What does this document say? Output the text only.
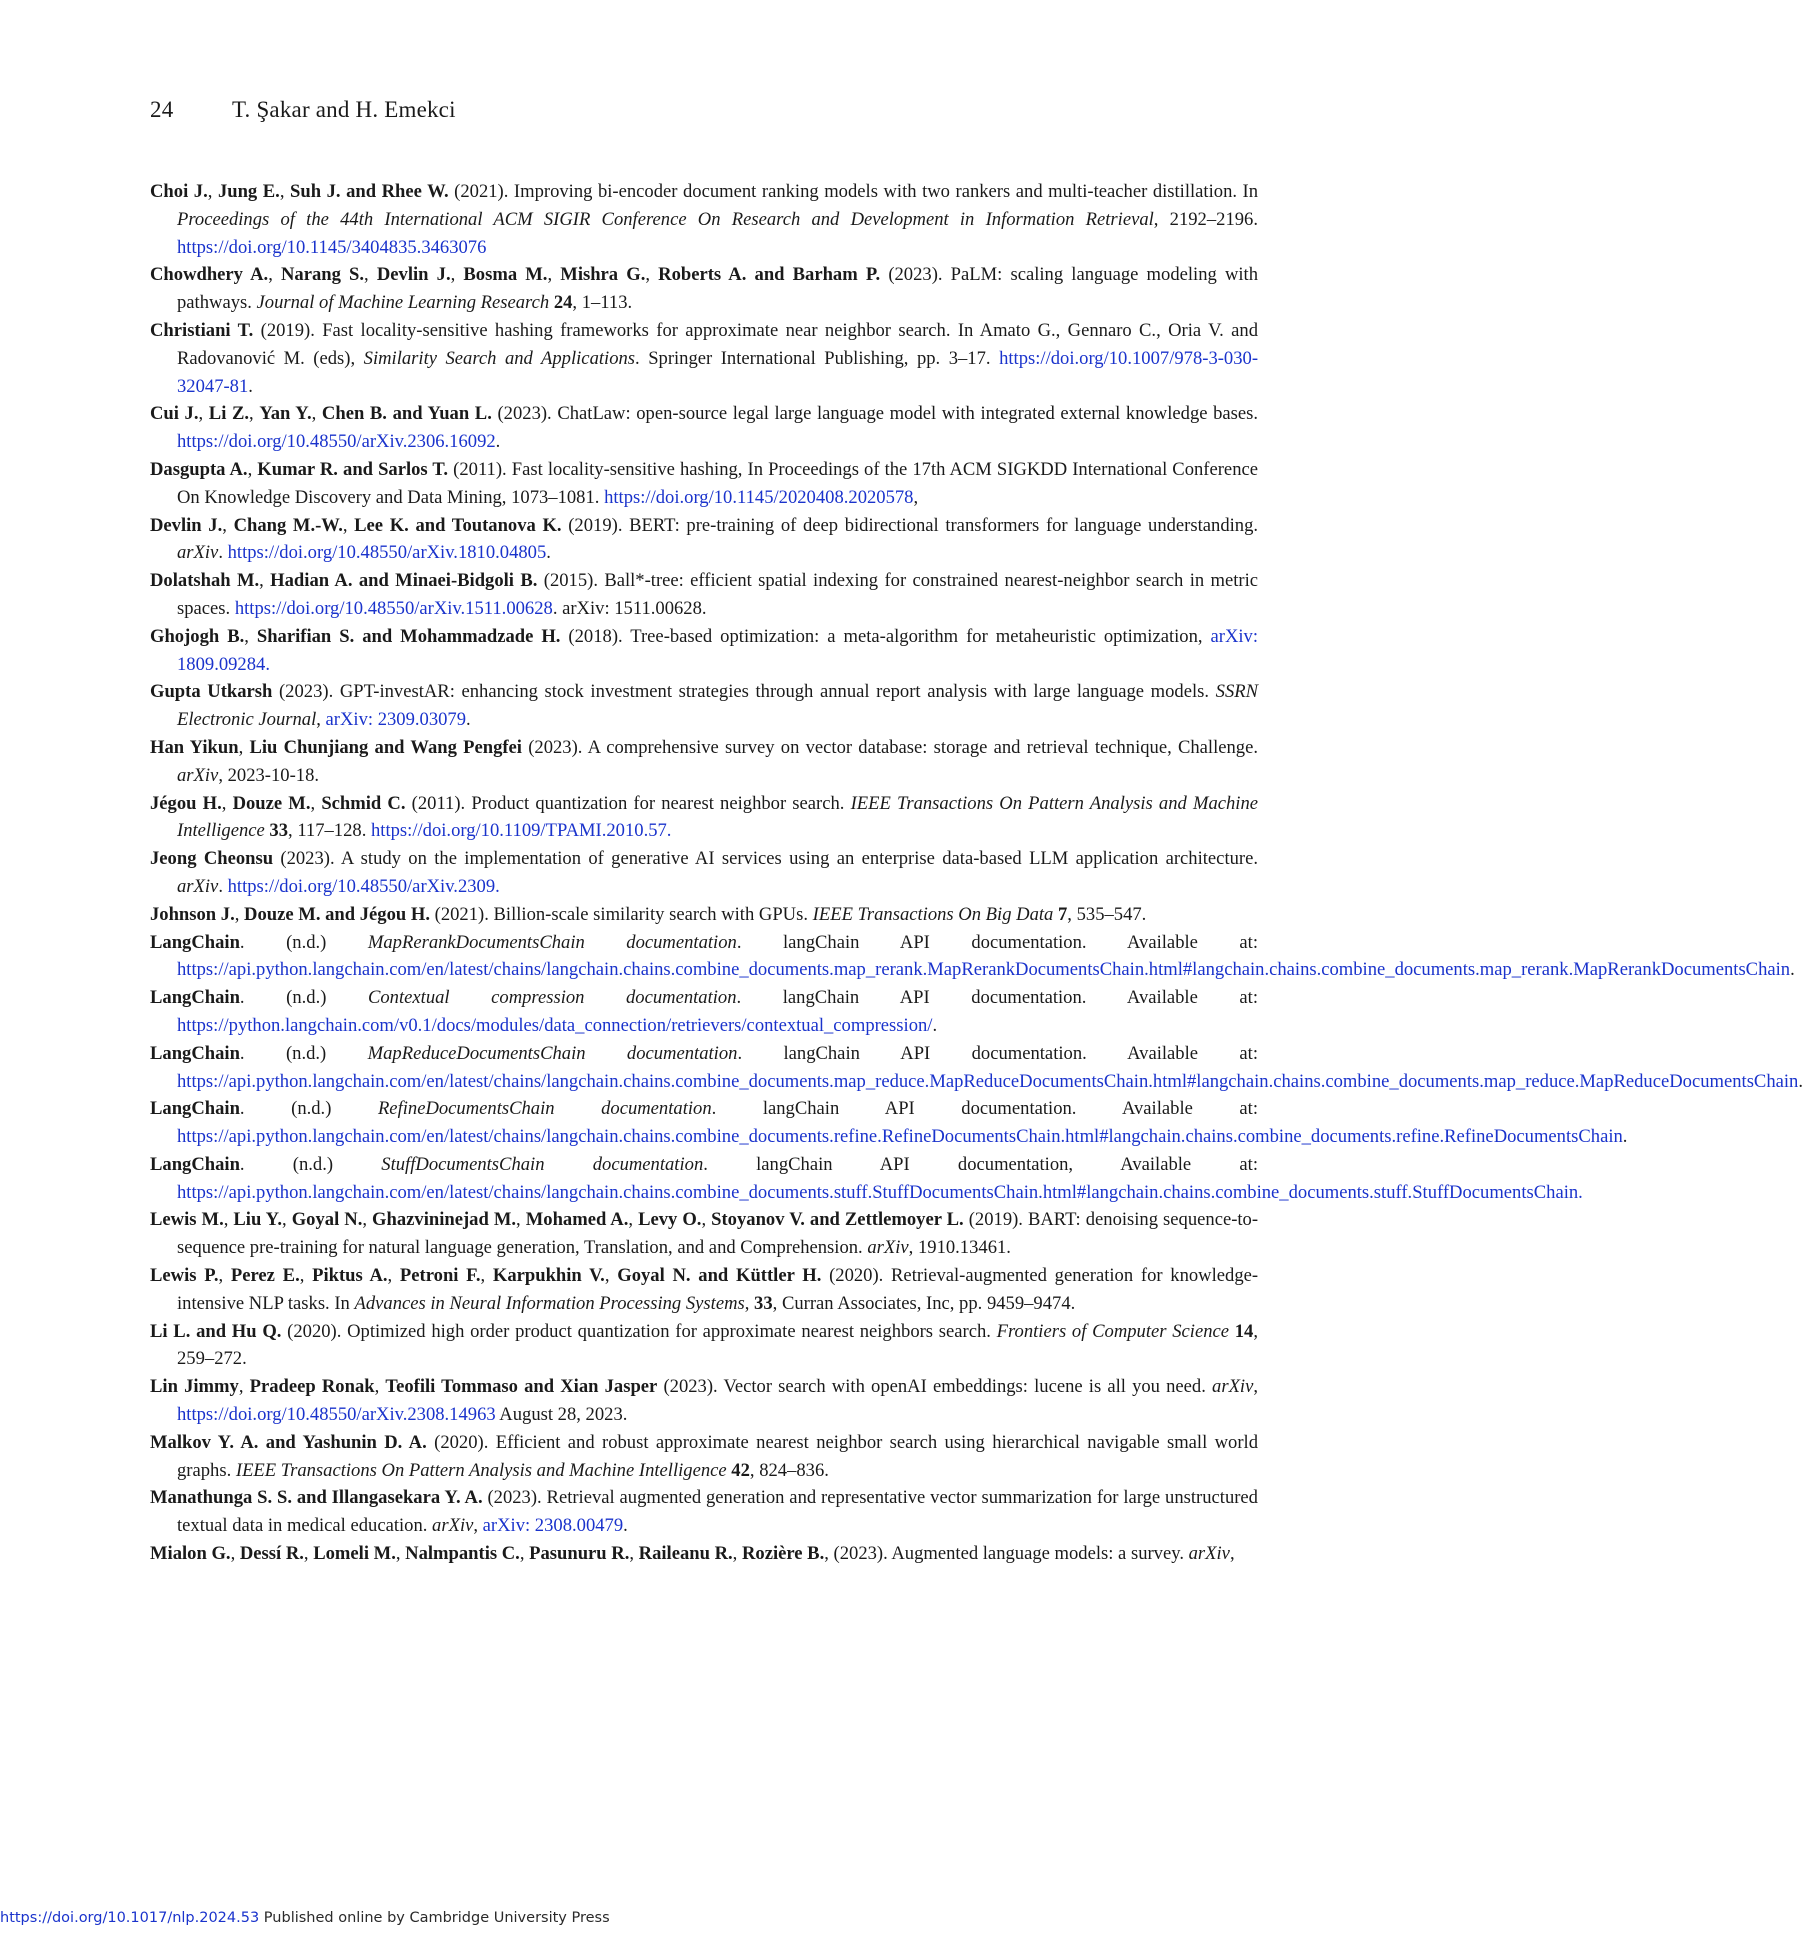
24	T. Şakar and H. Emekci

Choi J., Jung E., Suh J. and Rhee W. (2021). Improving bi-encoder document ranking models with two rankers and multi-teacher distillation. In Proceedings of the 44th International ACM SIGIR Conference On Research and Development in Information Retrieval, 2192–2196. https://doi.org/10.1145/3404835.3463076

Chowdhery A., Narang S., Devlin J., Bosma M., Mishra G., Roberts A. and Barham P. (2023). PaLM: scaling language modeling with pathways. Journal of Machine Learning Research 24, 1–113.

Christiani T. (2019). Fast locality-sensitive hashing frameworks for approximate near neighbor search. In Amato G., Gennaro C., Oria V. and Radovanović M. (eds), Similarity Search and Applications. Springer International Publishing, pp. 3–17. https://doi.org/10.1007/978-3-030-32047-81.

Cui J., Li Z., Yan Y., Chen B. and Yuan L. (2023). ChatLaw: open-source legal large language model with integrated external knowledge bases. https://doi.org/10.48550/arXiv.2306.16092.

Dasgupta A., Kumar R. and Sarlos T. (2011). Fast locality-sensitive hashing, In Proceedings of the 17th ACM SIGKDD International Conference On Knowledge Discovery and Data Mining, 1073–1081. https://doi.org/10.1145/2020408.2020578,

Devlin J., Chang M.-W., Lee K. and Toutanova K. (2019). BERT: pre-training of deep bidirectional transformers for language understanding. arXiv. https://doi.org/10.48550/arXiv.1810.04805.

Dolatshah M., Hadian A. and Minaei-Bidgoli B. (2015). Ball*-tree: efficient spatial indexing for constrained nearest-neighbor search in metric spaces. https://doi.org/10.48550/arXiv.1511.00628. arXiv: 1511.00628.

Ghojogh B., Sharifian S. and Mohammadzade H. (2018). Tree-based optimization: a meta-algorithm for metaheuristic optimization, arXiv: 1809.09284.

Gupta Utkarsh (2023). GPT-investAR: enhancing stock investment strategies through annual report analysis with large language models. SSRN Electronic Journal, arXiv: 2309.03079.

Han Yikun, Liu Chunjiang and Wang Pengfei (2023). A comprehensive survey on vector database: storage and retrieval technique, Challenge. arXiv, 2023-10-18.

Jégou H., Douze M., Schmid C. (2011). Product quantization for nearest neighbor search. IEEE Transactions On Pattern Analysis and Machine Intelligence 33, 117–128. https://doi.org/10.1109/TPAMI.2010.57.

Jeong Cheonsu (2023). A study on the implementation of generative AI services using an enterprise data-based LLM application architecture. arXiv. https://doi.org/10.48550/arXiv.2309.

Johnson J., Douze M. and Jégou H. (2021). Billion-scale similarity search with GPUs. IEEE Transactions On Big Data 7, 535–547.

LangChain. (n.d.) MapRerankDocumentsChain documentation. langChain API documentation. Available at: https://api.python.langchain.com/en/latest/chains/langchain.chains.combine_documents.map_rerank.MapRerankDocumentsChain.html#langchain.chains.combine_documents.map_rerank.MapRerankDocumentsChain.

LangChain. (n.d.) Contextual compression documentation. langChain API documentation. Available at: https://python.langchain.com/v0.1/docs/modules/data_connection/retrievers/contextual_compression/.

LangChain. (n.d.) MapReduceDocumentsChain documentation. langChain API documentation. Available at: https://api.python.langchain.com/en/latest/chains/langchain.chains.combine_documents.map_reduce.MapReduceDocumentsChain.html#langchain.chains.combine_documents.map_reduce.MapReduceDocumentsChain.

LangChain. (n.d.) RefineDocumentsChain documentation. langChain API documentation. Available at: https://api.python.langchain.com/en/latest/chains/langchain.chains.combine_documents.refine.RefineDocumentsChain.html#langchain.chains.combine_documents.refine.RefineDocumentsChain.

LangChain. (n.d.) StuffDocumentsChain documentation. langChain API documentation, Available at: https://api.python.langchain.com/en/latest/chains/langchain.chains.combine_documents.stuff.StuffDocumentsChain.html#langchain.chains.combine_documents.stuff.StuffDocumentsChain.

Lewis M., Liu Y., Goyal N., Ghazvininejad M., Mohamed A., Levy O., Stoyanov V. and Zettlemoyer L. (2019). BART: denoising sequence-to-sequence pre-training for natural language generation, Translation, and and Comprehension. arXiv, 1910.13461.

Lewis P., Perez E., Piktus A., Petroni F., Karpukhin V., Goyal N. and Küttler H. (2020). Retrieval-augmented generation for knowledge-intensive NLP tasks. In Advances in Neural Information Processing Systems, 33, Curran Associates, Inc, pp. 9459–9474.

Li L. and Hu Q. (2020). Optimized high order product quantization for approximate nearest neighbors search. Frontiers of Computer Science 14, 259–272.

Lin Jimmy, Pradeep Ronak, Teofili Tommaso and Xian Jasper (2023). Vector search with openAI embeddings: lucene is all you need. arXiv, https://doi.org/10.48550/arXiv.2308.14963 August 28, 2023.

Malkov Y. A. and Yashunin D. A. (2020). Efficient and robust approximate nearest neighbor search using hierarchical navigable small world graphs. IEEE Transactions On Pattern Analysis and Machine Intelligence 42, 824–836.

Manathunga S. S. and Illangasekara Y. A. (2023). Retrieval augmented generation and representative vector summarization for large unstructured textual data in medical education. arXiv, arXiv: 2308.00479.

Mialon G., Dessí R., Lomeli M., Nalmpantis C., Pasunuru R., Raileanu R., Rozière B., (2023). Augmented language models: a survey. arXiv,

https://doi.org/10.1017/nlp.2024.53 Published online by Cambridge University Press
